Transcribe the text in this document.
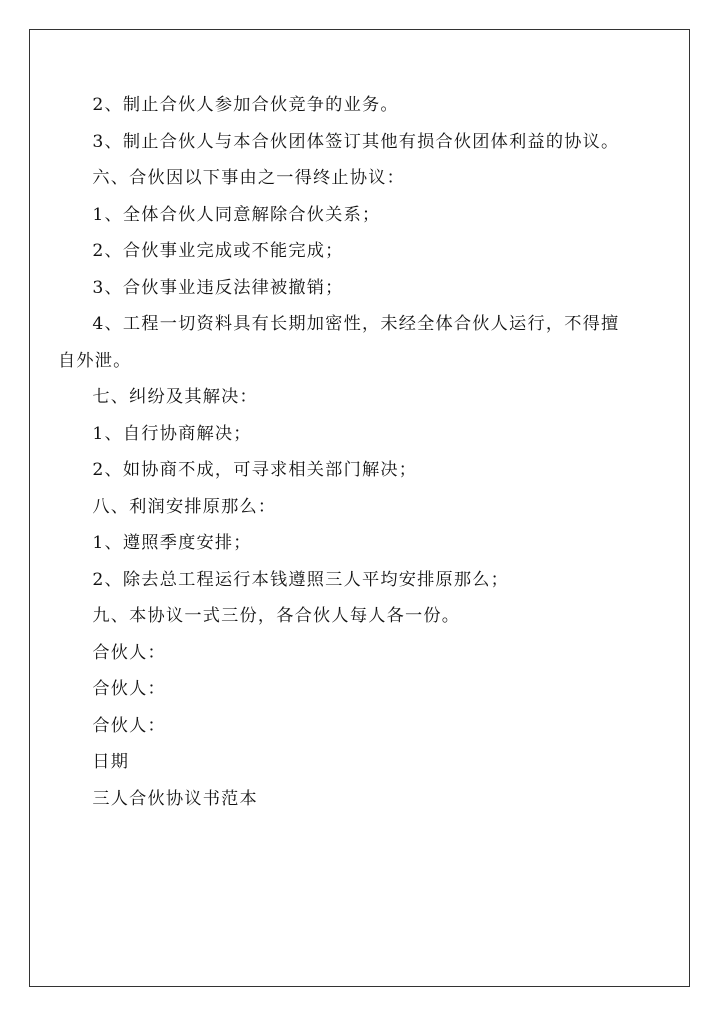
2、制止合伙人参加合伙竞争的业务。

3、制止合伙人与本合伙团体签订其他有损合伙团体利益的协议。

六、合伙因以下事由之一得终止协议：

1、全体合伙人同意解除合伙关系；

2、合伙事业完成或不能完成；

3、合伙事业违反法律被撤销；

4、工程一切资料具有长期加密性，未经全体合伙人运行，不得擅自外泄。

七、纠纷及其解决：

1、自行协商解决；

2、如协商不成，可寻求相关部门解决；

八、利润安排原那么：

1、遵照季度安排；

2、除去总工程运行本钱遵照三人平均安排原那么；

九、本协议一式三份，各合伙人每人各一份。

合伙人：

合伙人：

合伙人：

日期

三人合伙协议书范本
